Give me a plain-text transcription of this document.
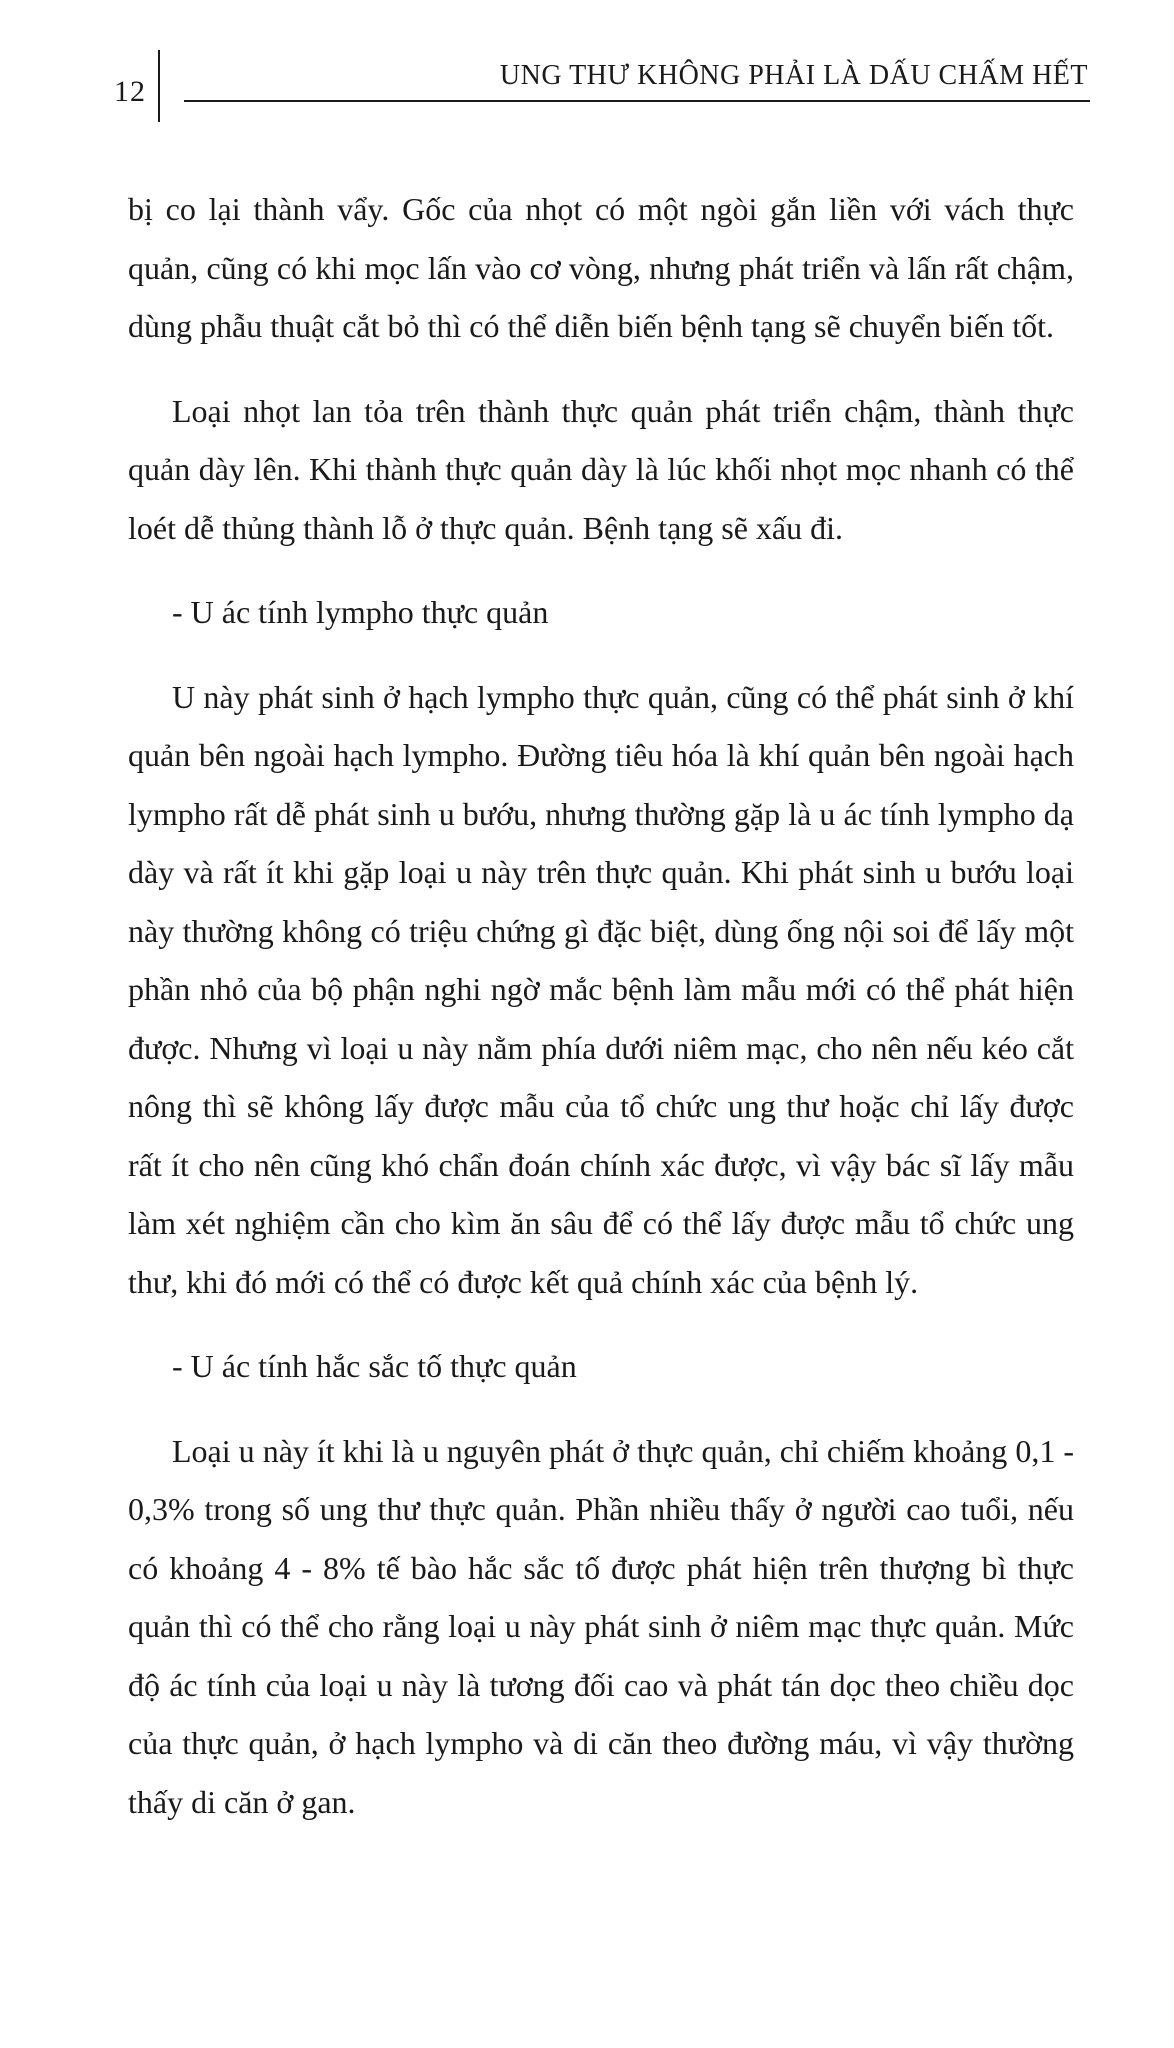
12	UNG THƯ KHÔNG PHẢI LÀ DẤU CHẤM HẾT

bị co lại thành vẩy. Gốc của nhọt có một ngòi gắn liền với vách thực quản, cũng có khi mọc lấn vào cơ vòng, nhưng phát triển và lấn rất chậm, dùng phẫu thuật cắt bỏ thì có thể diễn biến bệnh tạng sẽ chuyển biến tốt.

Loại nhọt lan tỏa trên thành thực quản phát triển chậm, thành thực quản dày lên. Khi thành thực quản dày là lúc khối nhọt mọc nhanh có thể loét dễ thủng thành lỗ ở thực quản. Bệnh tạng sẽ xấu đi.

- U ác tính lympho thực quản

U này phát sinh ở hạch lympho thực quản, cũng có thể phát sinh ở khí quản bên ngoài hạch lympho. Đường tiêu hóa là khí quản bên ngoài hạch lympho rất dễ phát sinh u bướu, nhưng thường gặp là u ác tính lympho dạ dày và rất ít khi gặp loại u này trên thực quản. Khi phát sinh u bướu loại này thường không có triệu chứng gì đặc biệt, dùng ống nội soi để lấy một phần nhỏ của bộ phận nghi ngờ mắc bệnh làm mẫu mới có thể phát hiện được. Nhưng vì loại u này nằm phía dưới niêm mạc, cho nên nếu kéo cắt nông thì sẽ không lấy được mẫu của tổ chức ung thư hoặc chỉ lấy được rất ít cho nên cũng khó chẩn đoán chính xác được, vì vậy bác sĩ lấy mẫu làm xét nghiệm cần cho kìm ăn sâu để có thể lấy được mẫu tổ chức ung thư, khi đó mới có thể có được kết quả chính xác của bệnh lý.

- U ác tính hắc sắc tố thực quản

Loại u này ít khi là u nguyên phát ở thực quản, chỉ chiếm khoảng 0,1 - 0,3% trong số ung thư thực quản. Phần nhiều thấy ở người cao tuổi, nếu có khoảng 4 - 8% tế bào hắc sắc tố được phát hiện trên thượng bì thực quản thì có thể cho rằng loại u này phát sinh ở niêm mạc thực quản. Mức độ ác tính của loại u này là tương đối cao và phát tán dọc theo chiều dọc của thực quản, ở hạch lympho và di căn theo đường máu, vì vậy thường thấy di căn ở gan.
